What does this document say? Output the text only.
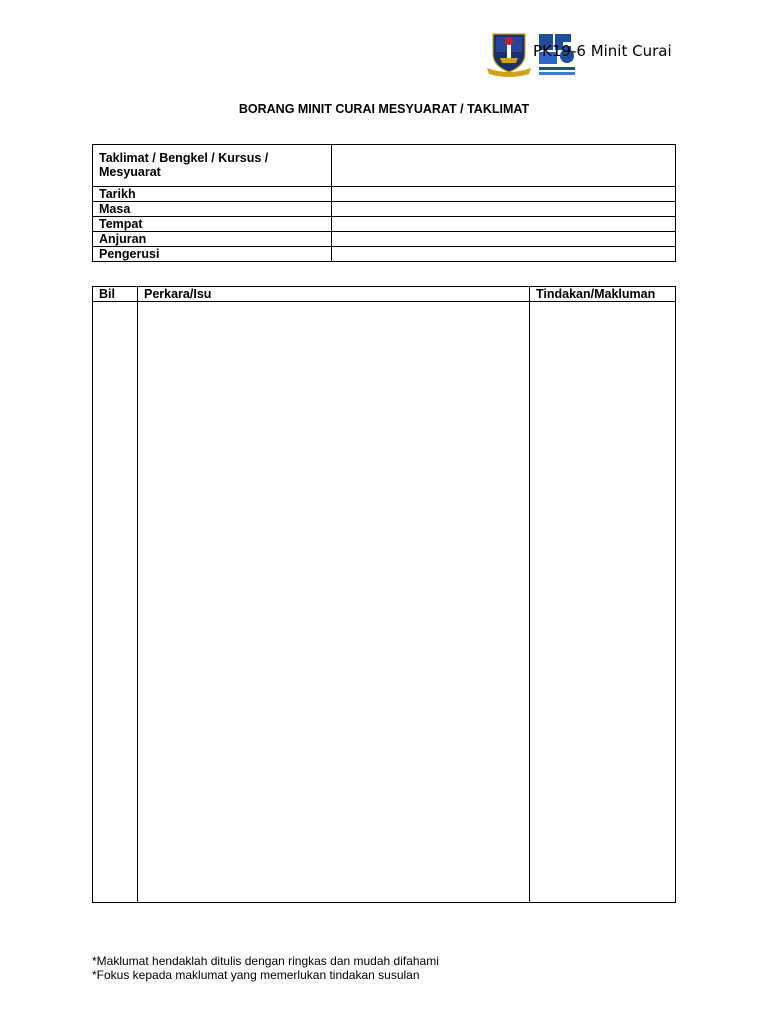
PK19-6 Minit Curai
BORANG MINIT CURAI MESYUARAT / TAKLIMAT
Taklimat / Bengkel / Kursus / Mesyuarat	
Tarikh	
Masa	
Tempat	
Anjuran	
Pengerusi	
Bil	Perkara/Isu	Tindakan/Makluman

*Maklumat hendaklah ditulis dengan ringkas dan mudah difahami
*Fokus kepada maklumat yang memerlukan tindakan susulan
